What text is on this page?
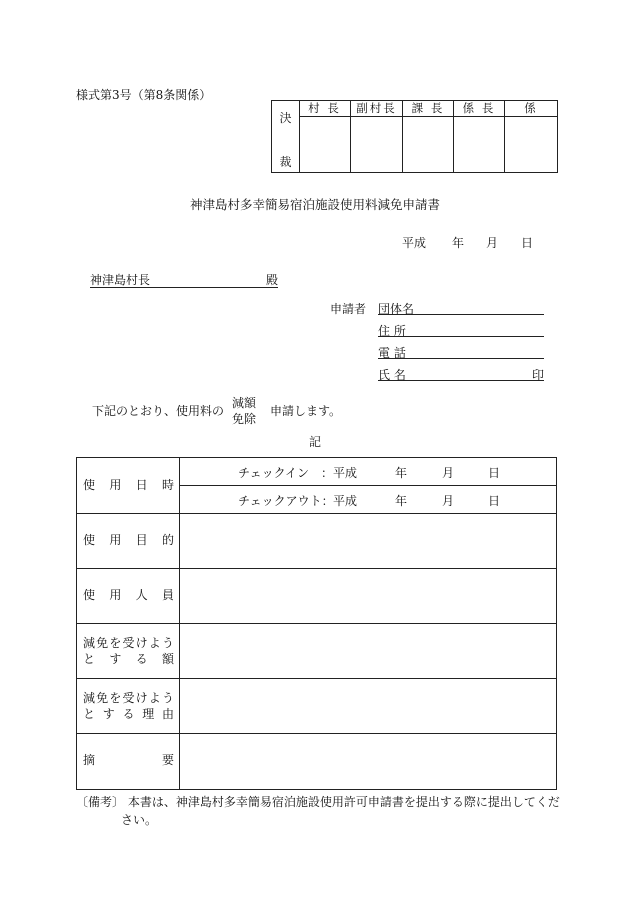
様式第3号（第8条関係）
決
裁
村 長	副村長	課 長	係 長	係
神津島村多幸簡易宿泊施設使用料減免申請書
平成 年 月 日
神津島村長	殿
申請者 団体名
住 所
電 話
氏 名	印
下記のとおり、使用料の
減額
免除
申請します。
記
使 用 日 時
チェックイン　： 平成	年	月	日
チェックアウト： 平成	年	月	日
使 用 目 的
使 用 人 員
減 免 を 受 け よ う
と す る 額
減 免 を 受 け よ う
と す る 理 由
摘	要
〔備考〕 本書は、神津島村多幸簡易宿泊施設使用許可申請書を提出する際に提出してくだ
さい。
